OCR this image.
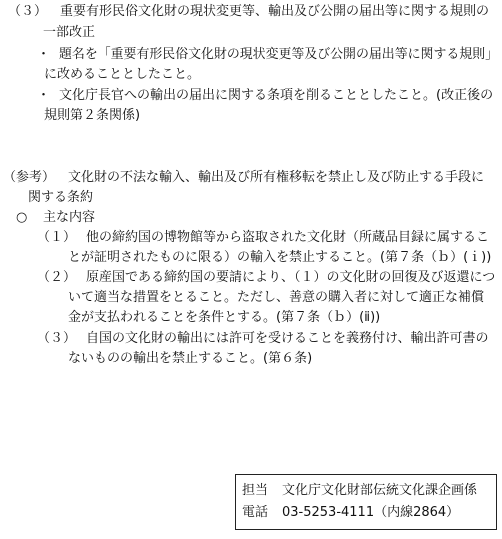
（３） 重要有形民俗文化財の現状変更等、輸出及び公開の届出等に関する規則の
一部改正
・ 題名を「重要有形民俗文化財の現状変更等及び公開の届出等に関する規則」
に改めることとしたこと。
・ 文化庁長官への輸出の届出に関する条項を削ることとしたこと。(改正後の
規則第２条関係)
（参考） 文化財の不法な輸入、輸出及び所有権移転を禁止し及び防止する手段に
関する条約
○ 主な内容
（１） 他の締約国の博物館等から盗取された文化財（所蔵品目録に属するこ
とが証明されたものに限る）の輸入を禁止すること。(第７条（ｂ）(ｉ))
（２） 原産国である締約国の要請により、（１）の文化財の回復及び返還につ
いて適当な措置をとること。ただし、善意の購入者に対して適正な補償
金が支払われることを条件とする。(第７条（ｂ）(ⅱ))
（３） 自国の文化財の輸出には許可を受けることを義務付け、輸出許可書の
ないものの輸出を禁止すること。(第６条)
担当 文化庁文化財部伝統文化課企画係
電話 03-5253-4111（内線2864）
